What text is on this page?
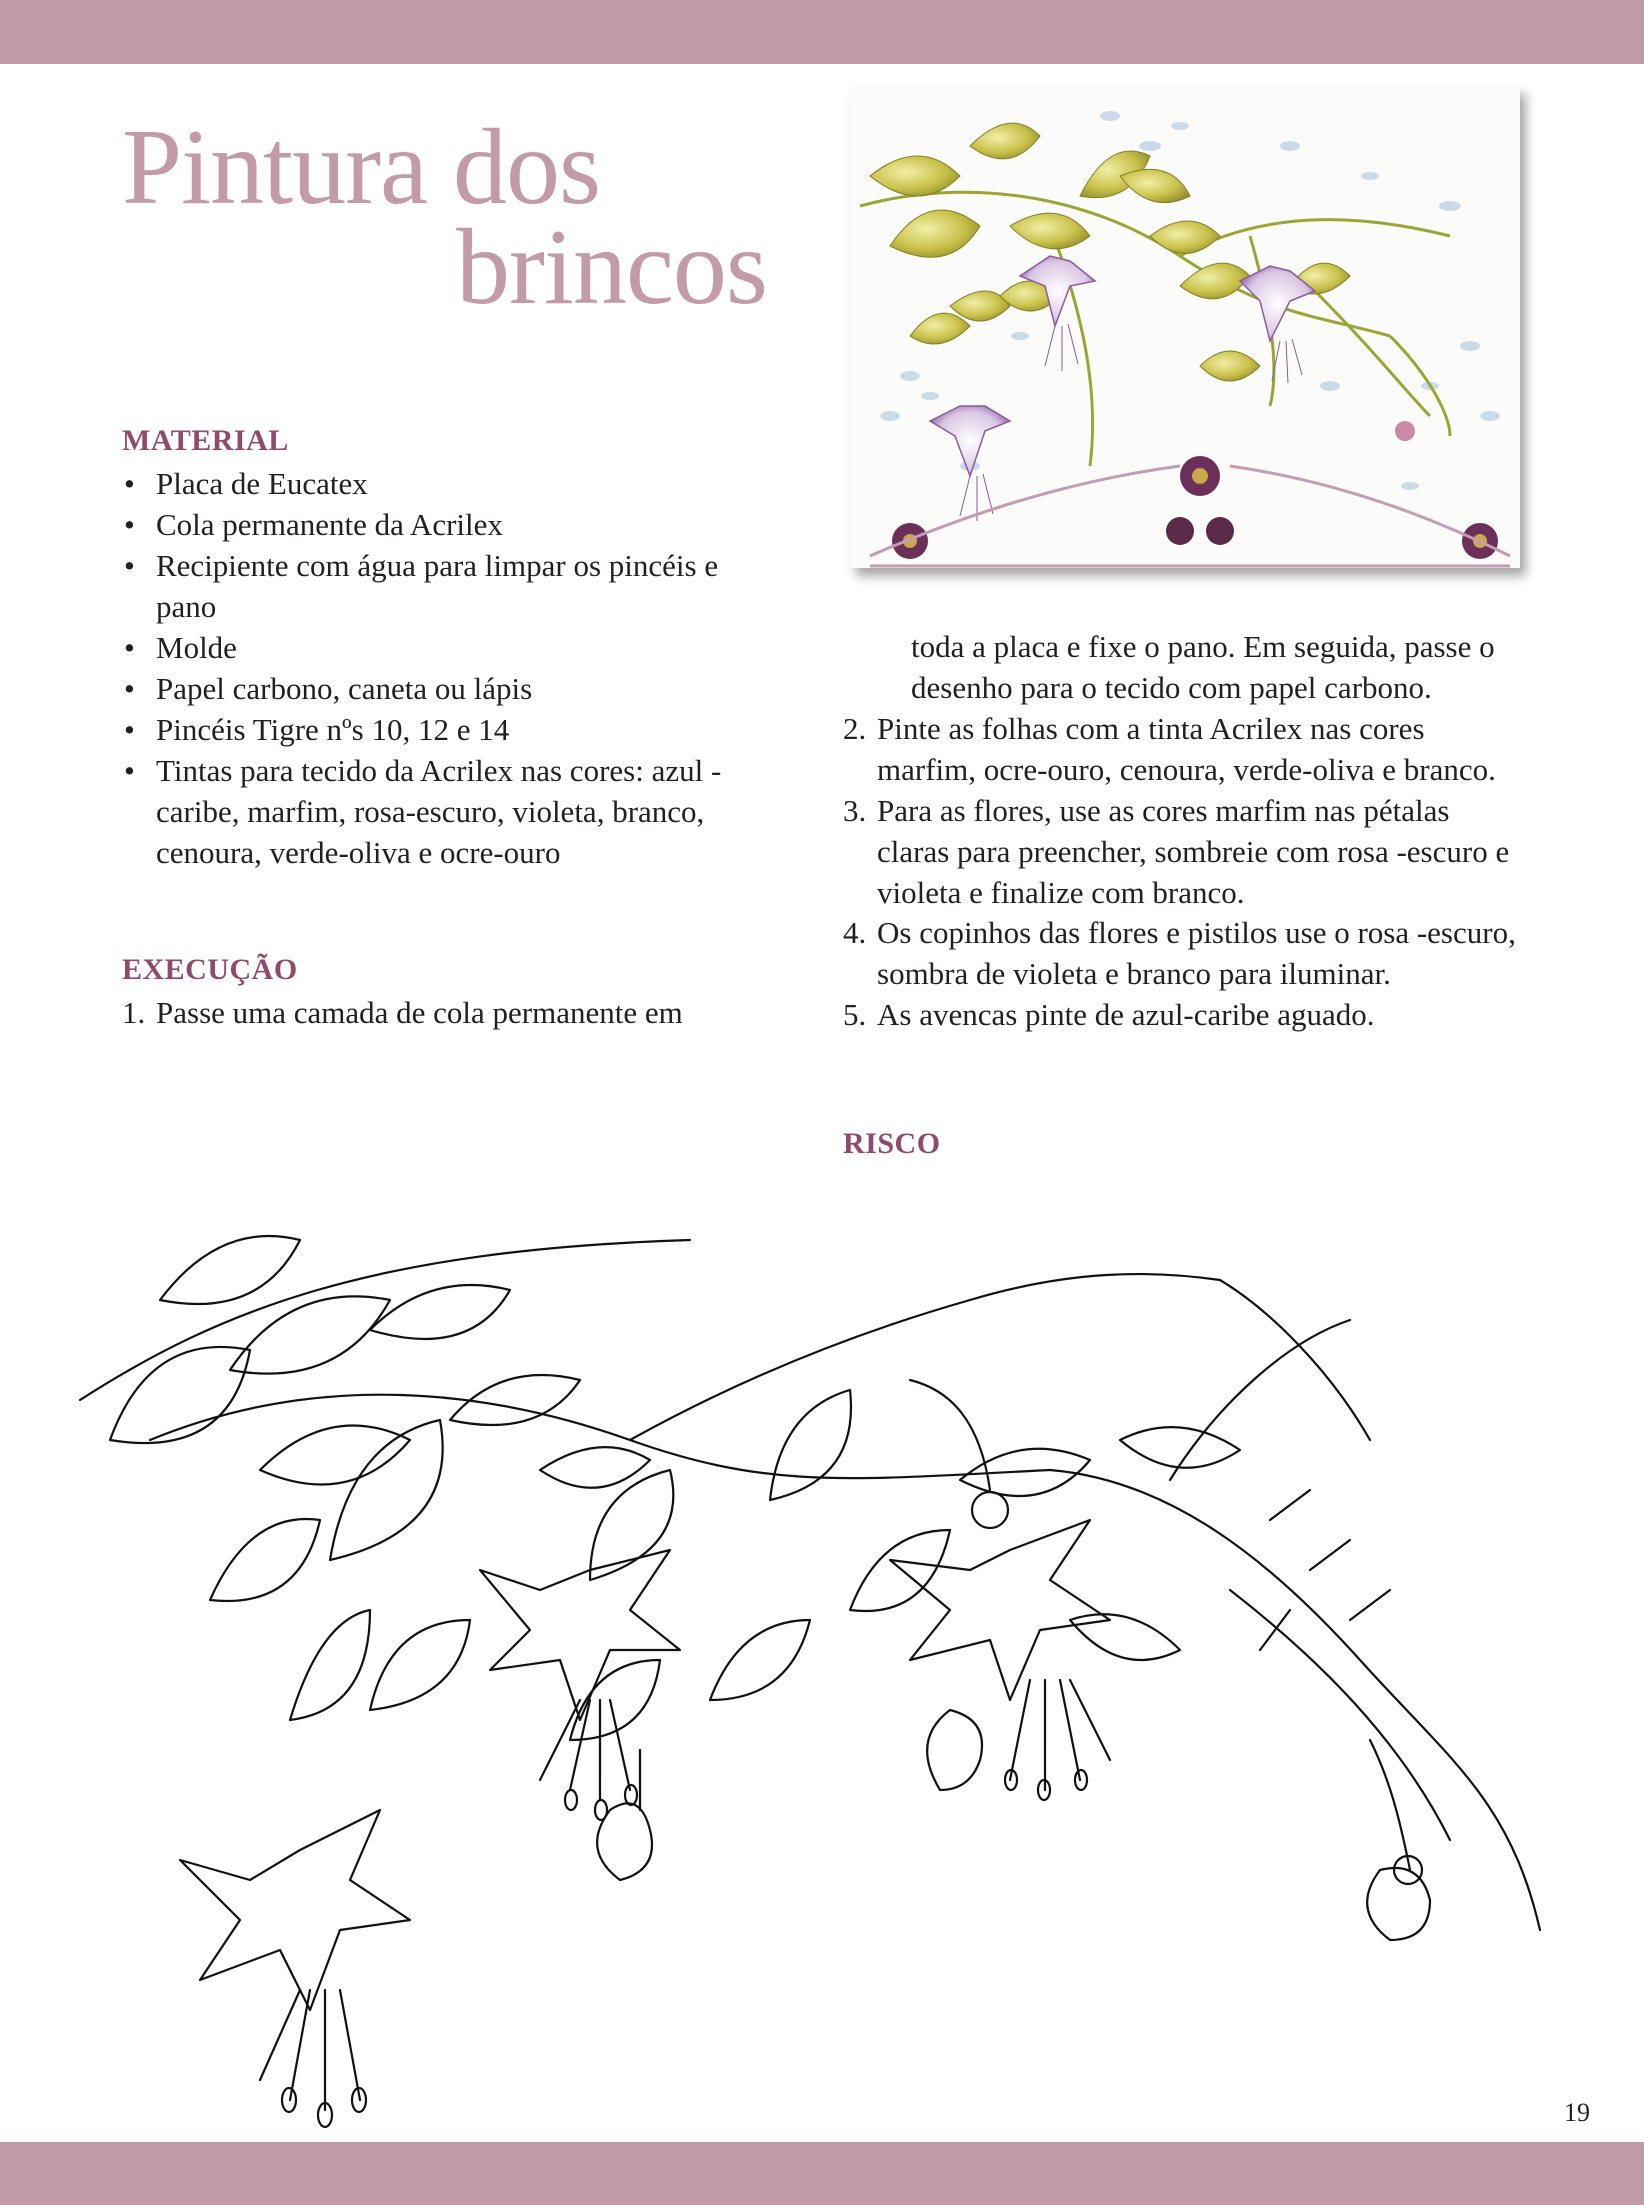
Pintura dos
brincos
MATERIAL
• Placa de Eucatex
• Cola permanente da Acrilex
• Recipiente com água para limpar os pincéis e pano
• Molde
• Papel carbono, caneta ou lápis
• Pincéis Tigre nºs 10, 12 e 14
• Tintas para tecido da Acrilex nas cores: azul -caribe, marfim, rosa-escuro, violeta, branco, cenoura, verde-oliva e ocre-ouro
EXECUÇÃO
1. Passe uma camada de cola permanente em
toda a placa e fixe o pano. Em seguida, passe o desenho para o tecido com papel carbono.
2. Pinte as folhas com a tinta Acrilex nas cores marfim, ocre-ouro, cenoura, verde-oliva e branco.
3. Para as flores, use as cores marfim nas pétalas claras para preencher, sombreie com rosa -escuro e violeta e finalize com branco.
4. Os copinhos das flores e pistilos use o rosa -escuro, sombra de violeta e branco para iluminar.
5. As avencas pinte de azul-caribe aguado.
RISCO
19
